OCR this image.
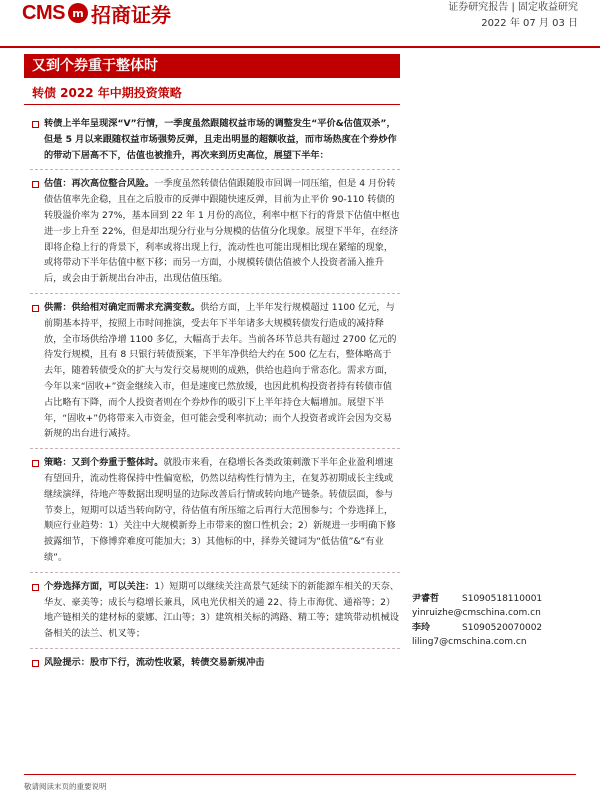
CMS m 招商证券	证券研究报告 | 固定收益研究
2022 年 07 月 03 日
又到个券重于整体时
转债 2022 年中期投资策略
转债上半年呈现深“V”行情，一季度虽然跟随权益市场的调整发生“平价&估值双杀”，但是 5 月以来跟随权益市场强势反弹，且走出明显的超额收益，而市场热度在个券炒作的带动下居高不下，估值也被推升，再次来到历史高位，展望下半年：
估值：再次高位整合风险。一季度虽然转债估值跟随股市回调一同压缩，但是 4 月份转债估值率先企稳，且在之后股市的反弹中跟随快速反弹，目前为止平价 90-110 转债的转股溢价率为 27%，基本回到 22 年 1 月份的高位，利率中枢下行的背景下估值中枢也进一步上升至 22%，但是却出现分行业与分规模的估值分化现象。展望下半年，在经济即将企稳上行的背景下，利率或将出现上行，流动性也可能出现相比现在紧缩的现象，或将带动下半年估值中枢下移；而另一方面，小规模转债估值被个人投资者涌入推升后，或会由于新规出台冲击，出现估值压缩。
供需：供给相对确定而需求充满变数。供给方面，上半年发行规模超过 1100 亿元，与前期基本持平，按照上市时间推演，受去年下半年诸多大规模转债发行造成的减持释放，全市场供给净增 1100 多亿，大幅高于去年。当前各环节总共有超过 2700 亿元的待发行规模，且有 8 只银行转债预案，下半年净供给大约在 500 亿左右，整体略高于去年，随着转债受众的扩大与发行交易规则的成熟，供给也趋向于常态化。需求方面，今年以来“固收+”资金继续入市，但是速度已然放缓，也因此机构投资者持有转债市值占比略有下降，而个人投资者则在个券炒作的吸引下上半年持仓大幅增加。展望下半年，“固收+”仍将带来入市资金，但可能会受利率抗动；而个人投资者或许会因为交易新规的出台进行减持。
策略：又到个券重于整体时。就股市来看，在稳增长各类政策刺激下半年企业盈利增速有望回升，流动性将保持中性偏宽松，仍然以结构性行情为主，在复苏初期成长主线或继续演绎，待地产等数据出现明显的边际改善后行情或转向地产链条。转债层面，参与节奏上，短期可以适当转向防守，待估值有所压缩之后再行大范围参与；个券选择上，顺应行业趋势：1）关注中大规模新券上市带来的窗口性机会；2）新规进一步明确下修披露细节，下修博弈难度可能加大；3）其他标的中，择券关键词为“低估值”&“有业绩”。
个券选择方面，可以关注：1）短期可以继续关注高景气延续下的新能源车相关的天奈、华友、豪美等；成长与稳增长兼具，风电光伏相关的通 22、待上市海优、通裕等；2）地产链相关的建材标的蒙娜、江山等；3）建筑相关标的鸿路、精工等；建筑带动机械设备相关的法兰、机叉等；
风险提示：股市下行，流动性收紧，转债交易新规冲击
尹睿哲	S1090518110001
yinruizhe@cmschina.com.cn
李玲	S1090520070002
liling7@cmschina.com.cn
敬请阅读末页的重要说明
